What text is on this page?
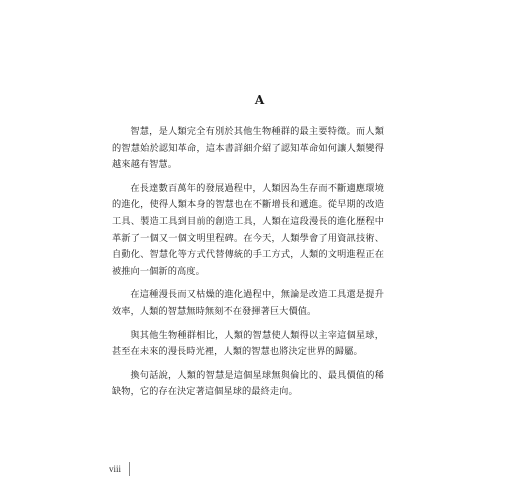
A

智慧，是人類完全有別於其他生物種群的最主要特徵。而人類的智慧始於認知革命，這本書詳細介紹了認知革命如何讓人類變得越來越有智慧。

在長達數百萬年的發展過程中，人類因為生存而不斷適應環境的進化，使得人類本身的智慧也在不斷增長和遞進。從早期的改造工具、製造工具到目前的創造工具，人類在這段漫長的進化歷程中革新了一個又一個文明里程碑。在今天，人類學會了用資訊技術、自動化、智慧化等方式代替傳統的手工方式，人類的文明進程正在被推向一個新的高度。

在這種漫長而又枯燥的進化過程中，無論是改造工具還是提升效率，人類的智慧無時無刻不在發揮著巨大價值。

與其他生物種群相比，人類的智慧使人類得以主宰這個星球，甚至在未來的漫長時光裡，人類的智慧也將決定世界的歸屬。

換句話說，人類的智慧是這個星球無與倫比的、最具價值的稀缺物，它的存在決定著這個星球的最終走向。

viii
